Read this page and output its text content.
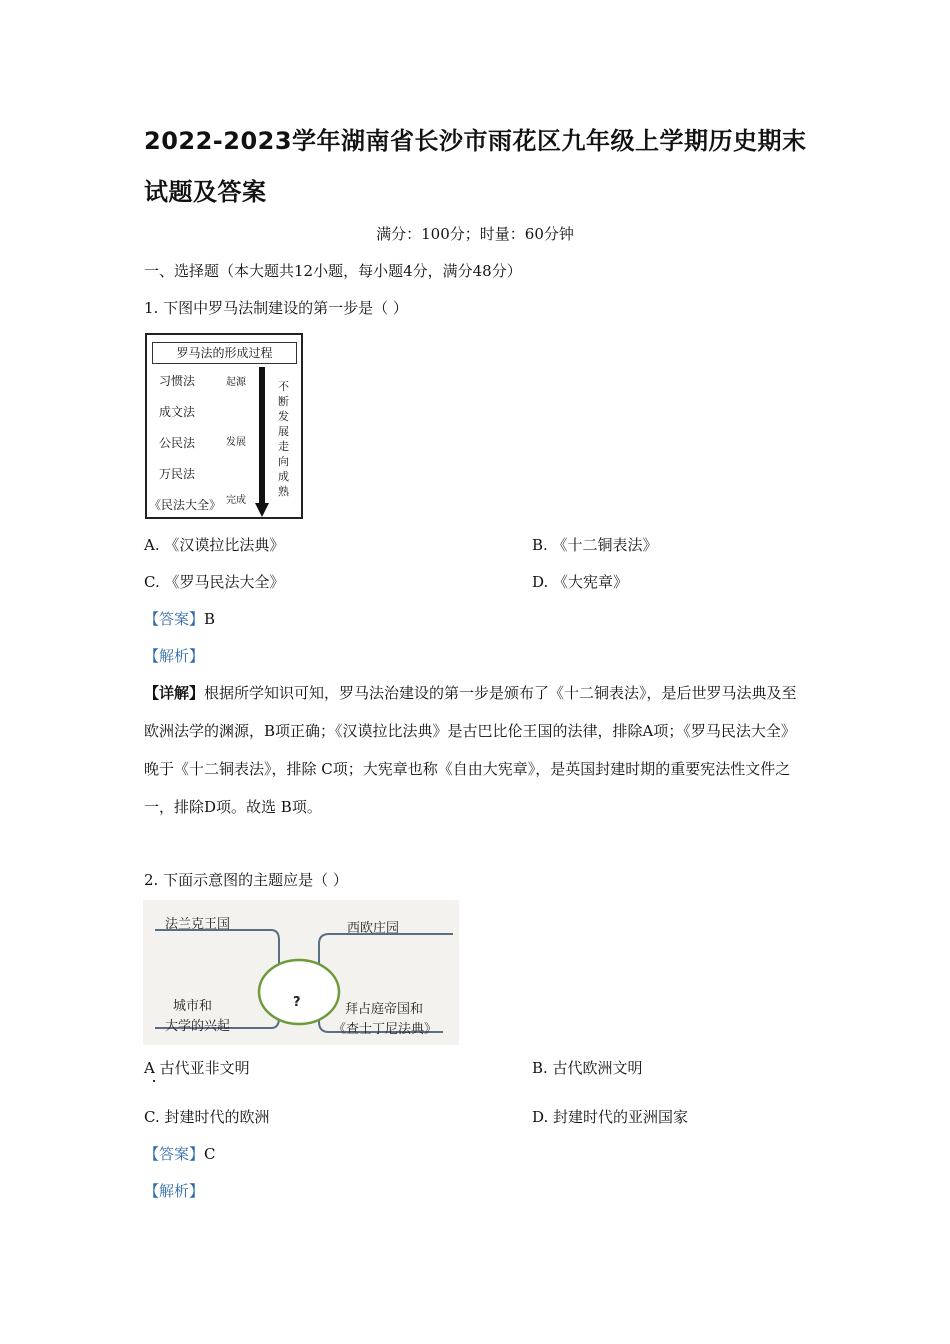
2022-2023学年湖南省长沙市雨花区九年级上学期历史期末
试题及答案
满分：100分；时量：60分钟
一、选择题（本大题共12小题，每小题4分，满分48分）
1. 下图中罗马法制建设的第一步是（ ）
罗马法的形成过程
习惯法
成文法
公民法
万民法
《民法大全》
起源
发展
完成
不断发展走向成熟
A. 《汉谟拉比法典》	B. 《十二铜表法》
C. 《罗马民法大全》	D. 《大宪章》
【答案】B
【解析】
【详解】根据所学知识可知，罗马法治建设的第一步是颁布了《十二铜表法》，是后世罗马法典及至欧洲法学的渊源，B项正确；《汉谟拉比法典》是古巴比伦王国的法律，排除A项；《罗马民法大全》晚于《十二铜表法》，排除 C项；大宪章也称《自由大宪章》，是英国封建时期的重要宪法性文件之一，排除D项。故选 B项。
2. 下面示意图的主题应是（ ）
法兰克王国	西欧庄园
城市和
大学的兴起
拜占庭帝国和
《查士丁尼法典》
?
A 古代亚非文明	B. 古代欧洲文明
C. 封建时代的欧洲	D. 封建时代的亚洲国家
【答案】C
【解析】
